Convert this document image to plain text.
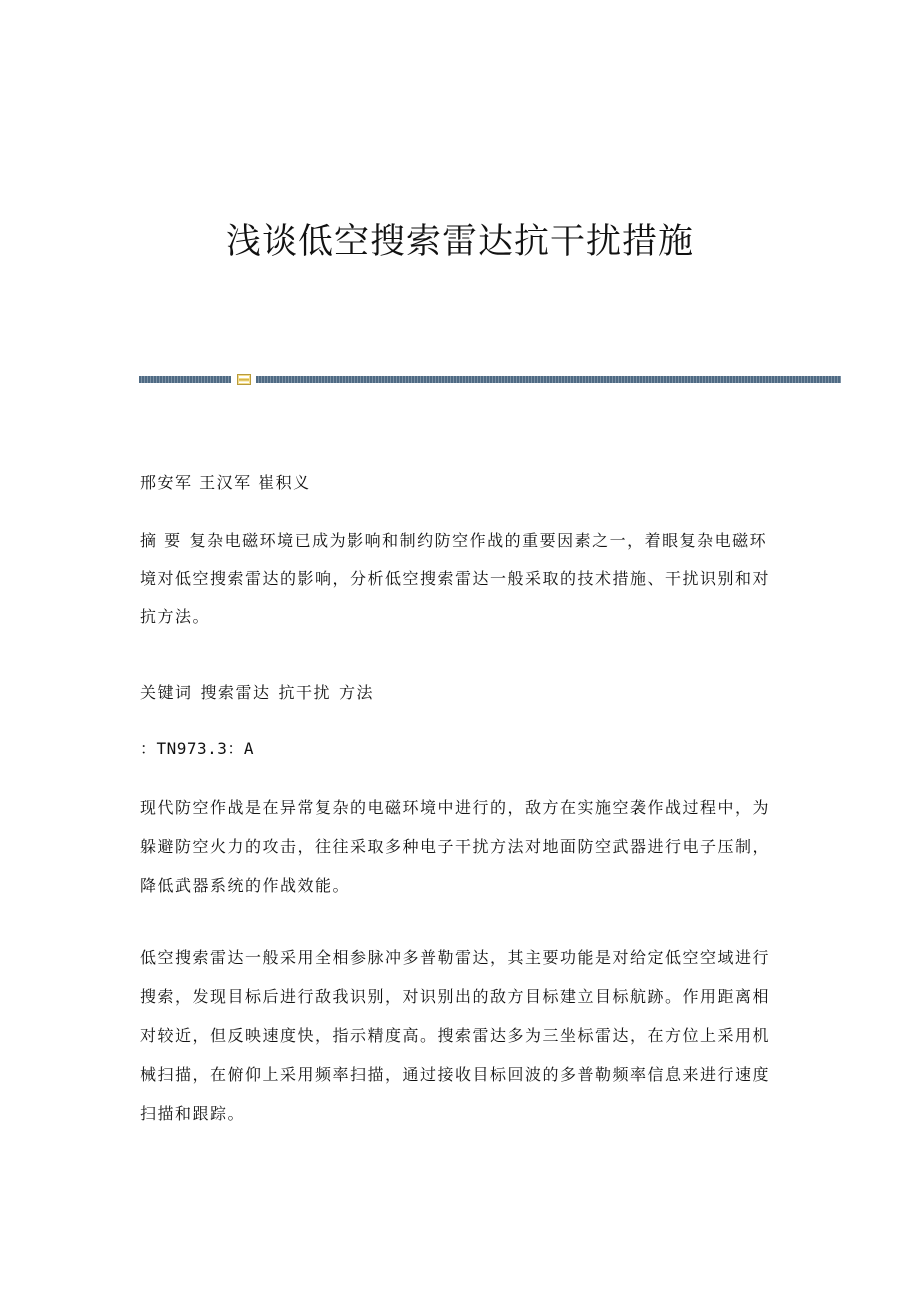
浅谈低空搜索雷达抗干扰措施

邢安军 王汉军 崔积义

摘 要 复杂电磁环境已成为影响和制约防空作战的重要因素之一，着眼复杂电磁环境对低空搜索雷达的影响，分析低空搜索雷达一般采取的技术措施、干扰识别和对抗方法。

关键词 搜索雷达 抗干扰 方法

：TN973.3：A

现代防空作战是在异常复杂的电磁环境中进行的，敌方在实施空袭作战过程中，为躲避防空火力的攻击，往往采取多种电子干扰方法对地面防空武器进行电子压制，降低武器系统的作战效能。

低空搜索雷达一般采用全相参脉冲多普勒雷达，其主要功能是对给定低空空域进行搜索，发现目标后进行敌我识别，对识别出的敌方目标建立目标航跡。作用距离相对较近，但反映速度快，指示精度高。搜索雷达多为三坐标雷达，在方位上采用机械扫描，在俯仰上采用频率扫描，通过接收目标回波的多普勒频率信息来进行速度扫描和跟踪。
